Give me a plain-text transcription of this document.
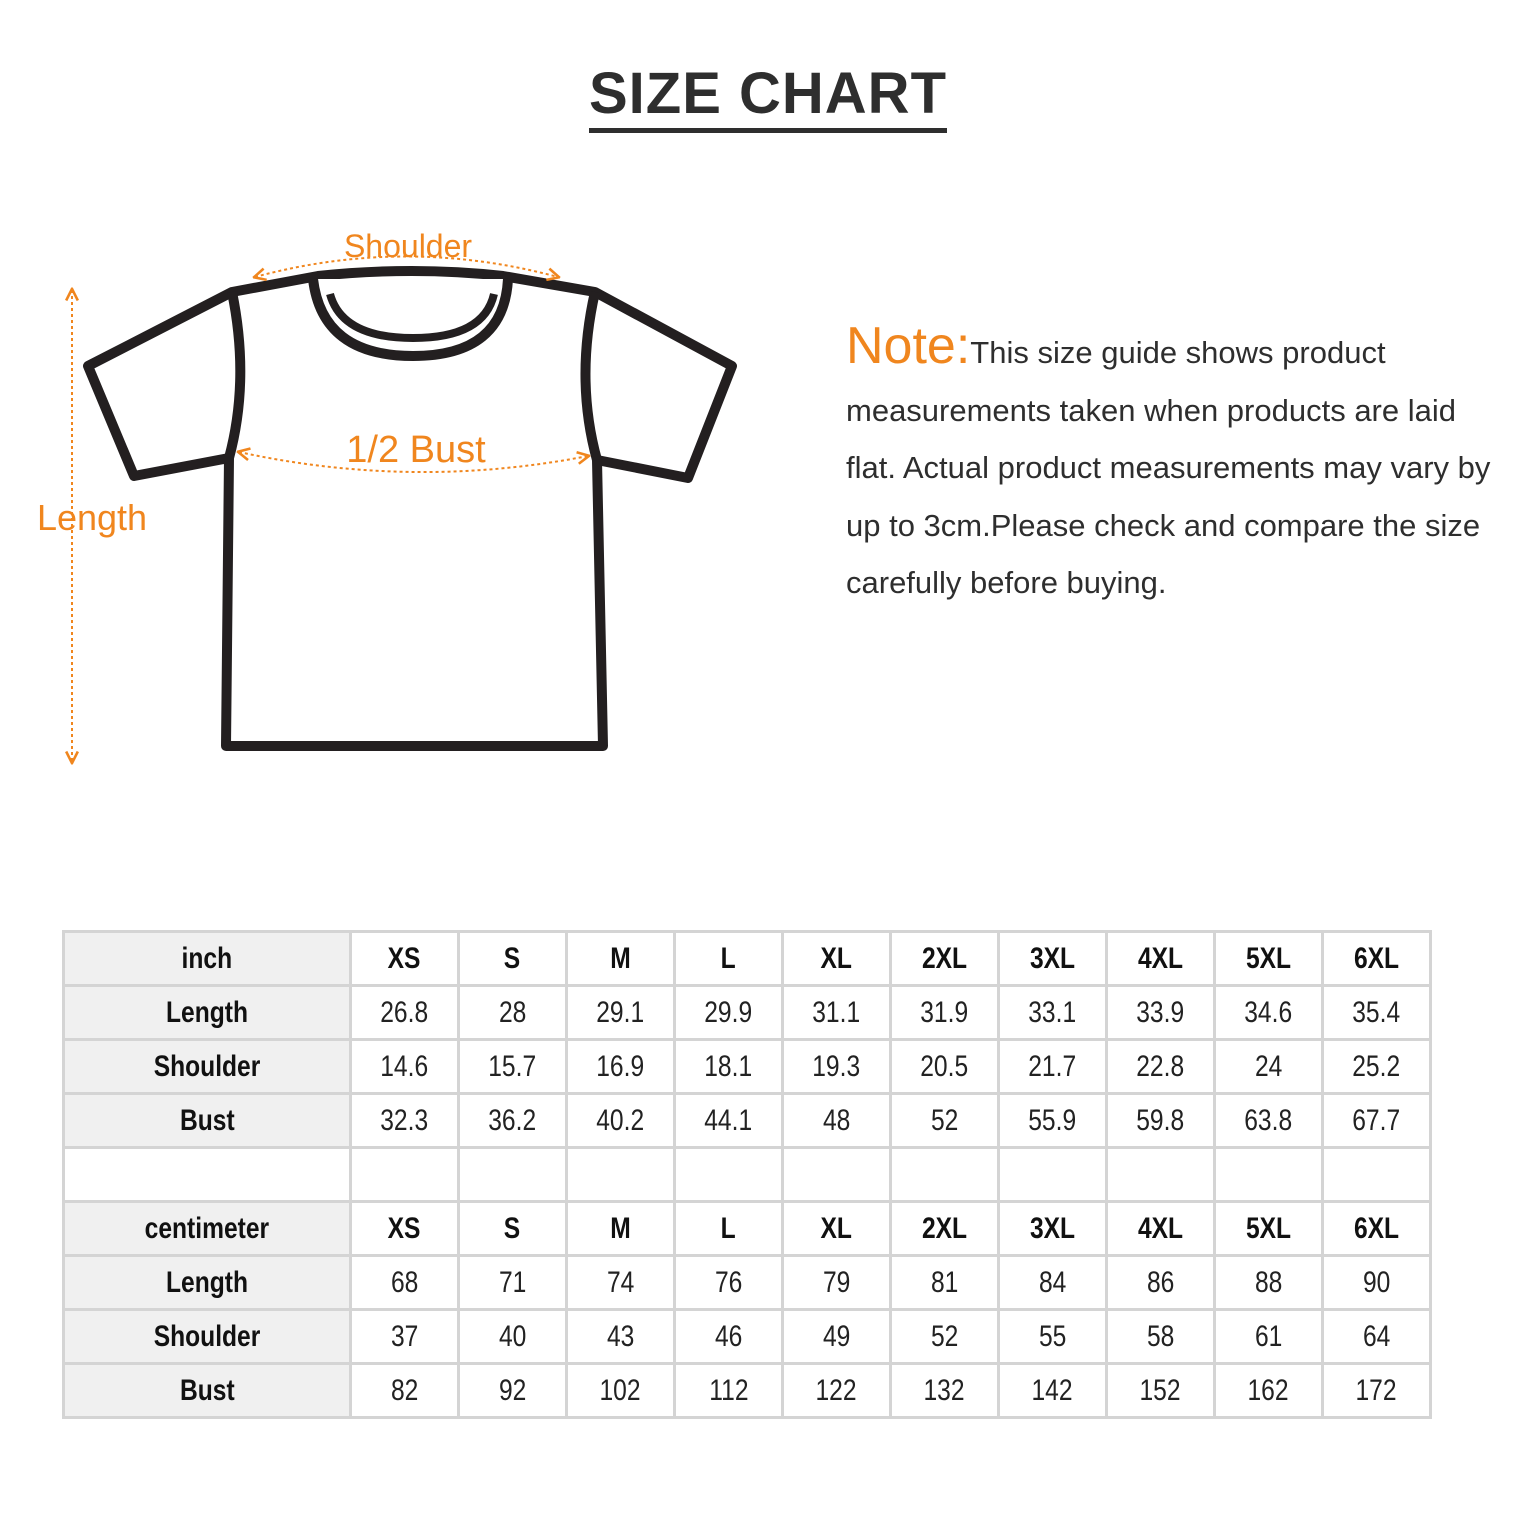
SIZE CHART
Shoulder
1/2 Bust
Length
Note:This size guide shows product measurements taken when products are laid flat. Actual product measurements may vary by up to 3cm.Please check and compare the size carefully before buying.
inch	XS	S	M	L	XL	2XL	3XL	4XL	5XL	6XL
Length	26.8	28	29.1	29.9	31.1	31.9	33.1	33.9	34.6	35.4
Shoulder	14.6	15.7	16.9	18.1	19.3	20.5	21.7	22.8	24	25.2
Bust	32.3	36.2	40.2	44.1	48	52	55.9	59.8	63.8	67.7

centimeter	XS	S	M	L	XL	2XL	3XL	4XL	5XL	6XL
Length	68	71	74	76	79	81	84	86	88	90
Shoulder	37	40	43	46	49	52	55	58	61	64
Bust	82	92	102	112	122	132	142	152	162	172
